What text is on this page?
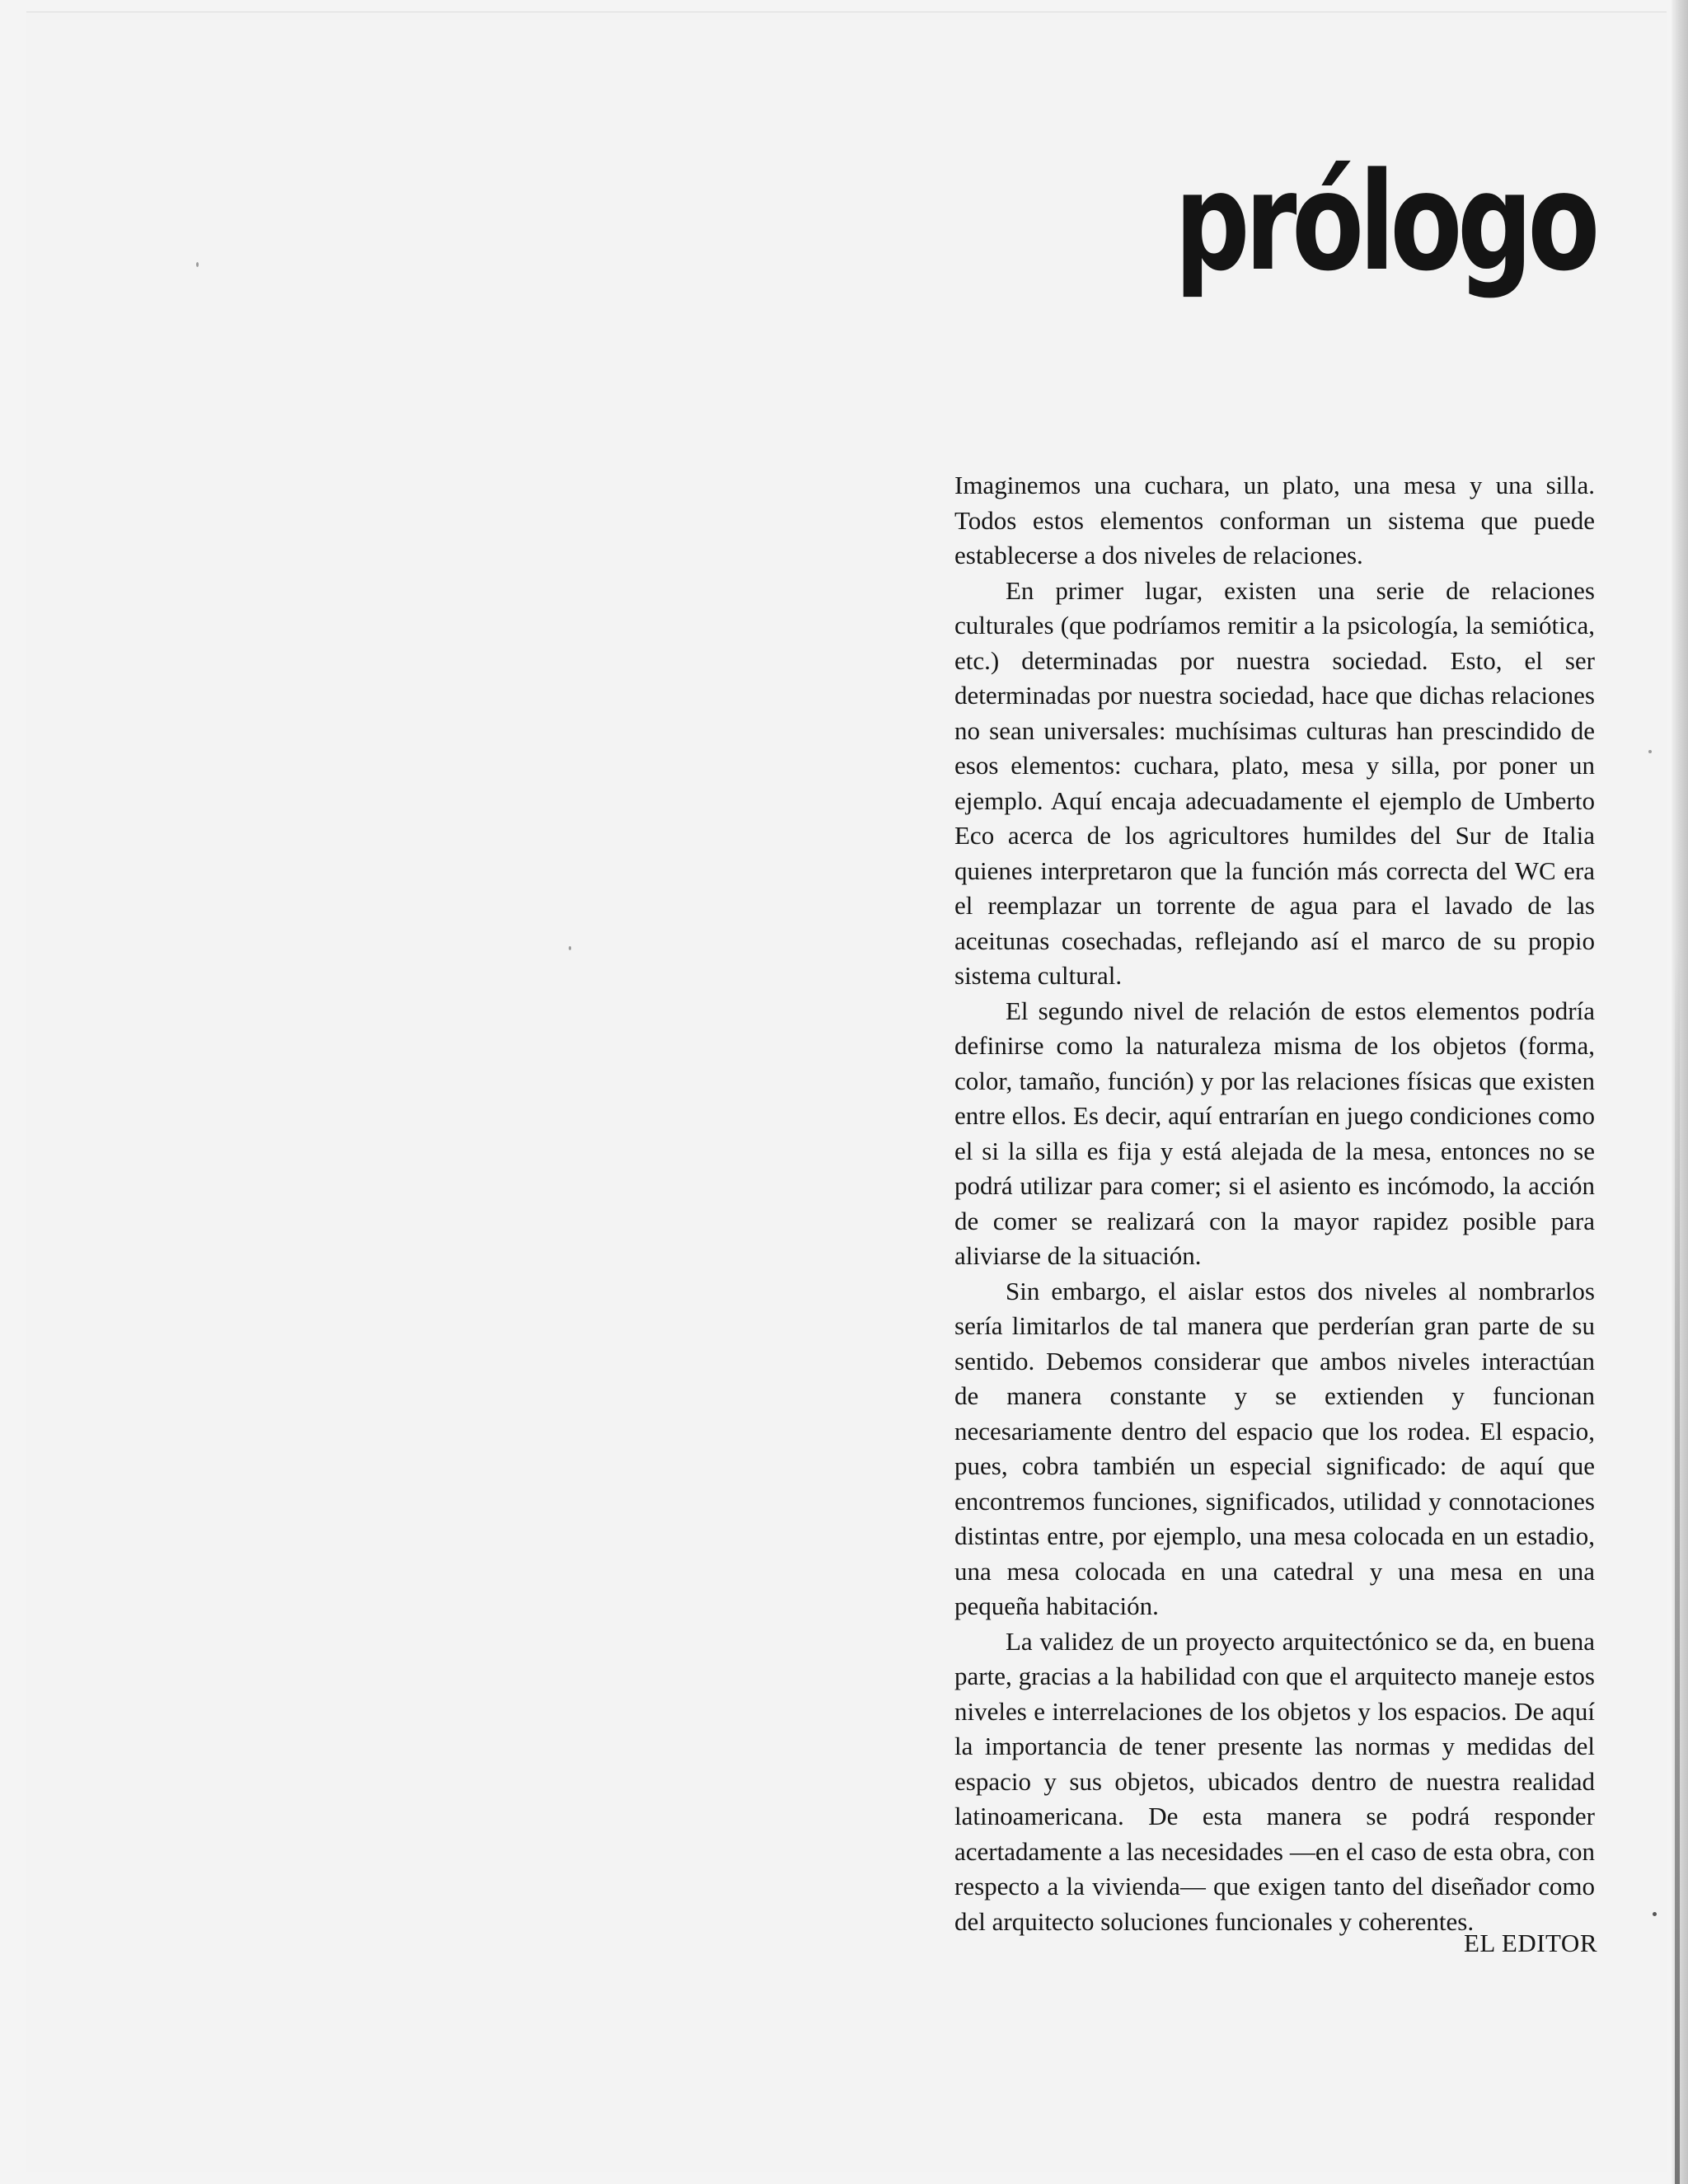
prólogo

Imaginemos una cuchara, un plato, una mesa y una silla. Todos estos elementos conforman un sistema que puede establecerse a dos niveles de relaciones.

En primer lugar, existen una serie de relaciones culturales (que podríamos remitir a la psicología, la semiótica, etc.) determinadas por nuestra sociedad. Esto, el ser determinadas por nuestra sociedad, hace que dichas relaciones no sean universales: muchísimas culturas han prescindido de esos elementos: cuchara, plato, mesa y silla, por poner un ejemplo. Aquí encaja adecuadamente el ejemplo de Umberto Eco acerca de los agricultores humildes del Sur de Italia quienes interpretaron que la función más correcta del WC era el reemplazar un torrente de agua para el lavado de las aceitunas cosechadas, reflejando así el marco de su propio sistema cultural.

El segundo nivel de relación de estos elementos podría definirse como la naturaleza misma de los objetos (forma, color, tamaño, función) y por las relaciones físicas que existen entre ellos. Es decir, aquí entrarían en juego condiciones como el si la silla es fija y está alejada de la mesa, entonces no se podrá utilizar para comer; si el asiento es incómodo, la acción de comer se realizará con la mayor rapidez posible para aliviarse de la situación.

Sin embargo, el aislar estos dos niveles al nombrarlos sería limitarlos de tal manera que perderían gran parte de su sentido. Debemos considerar que ambos niveles interactúan de manera constante y se extienden y funcionan necesariamente dentro del espacio que los rodea. El espacio, pues, cobra también un especial significado: de aquí que encontremos funciones, significados, utilidad y connotaciones distintas entre, por ejemplo, una mesa colocada en un estadio, una mesa colocada en una catedral y una mesa en una pequeña habitación.

La validez de un proyecto arquitectónico se da, en buena parte, gracias a la habilidad con que el arquitecto maneje estos niveles e interrelaciones de los objetos y los espacios. De aquí la importancia de tener presente las normas y medidas del espacio y sus objetos, ubicados dentro de nuestra realidad latinoamericana. De esta manera se podrá responder acertadamente a las necesidades —en el caso de esta obra, con respecto a la vivienda— que exigen tanto del diseñador como del arquitecto soluciones funcionales y coherentes.

EL EDITOR
